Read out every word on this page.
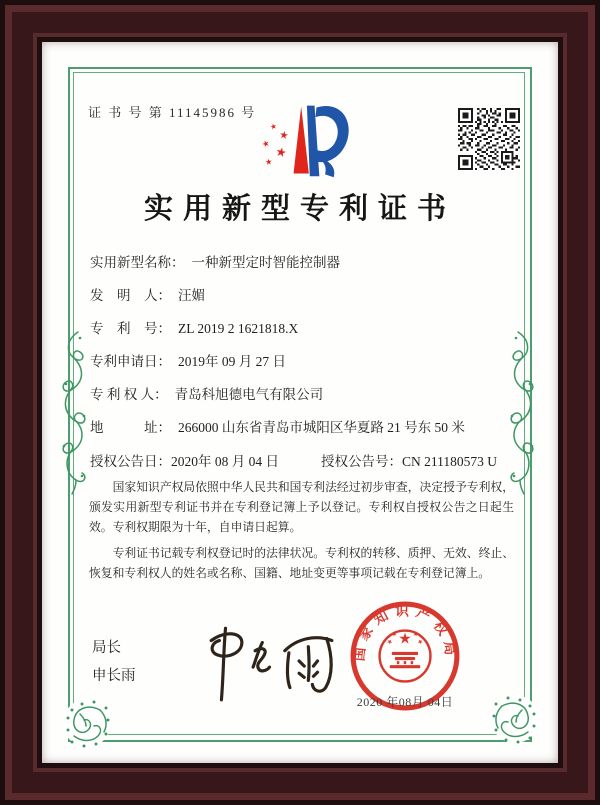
证 书 号 第 11145986 号
实用新型专利证书
实用新型名称： 一种新型定时智能控制器
发　明　人： 汪媚
专　利　号： ZL 2019 2 1621818.X
专利申请日： 2019年 09 月 27 日
专 利 权 人： 青岛科旭德电气有限公司
地　　　址： 266000 山东省青岛市城阳区华夏路 21 号东 50 米
授权公告日：2020年 08 月 04 日	授权公告号：CN 211180573 U

国家知识产权局依照中华人民共和国专利法经过初步审查，决定授予专利权，颁发实用新型专利证书并在专利登记簿上予以登记。专利权自授权公告之日起生效。专利权期限为十年，自申请日起算。

专利证书记载专利权登记时的法律状况。专利权的转移、质押、无效、终止、恢复和专利权人的姓名或名称、国籍、地址变更等事项记载在专利登记簿上。

局长
申长雨
国家知识产权局
2020 年08月 04日
